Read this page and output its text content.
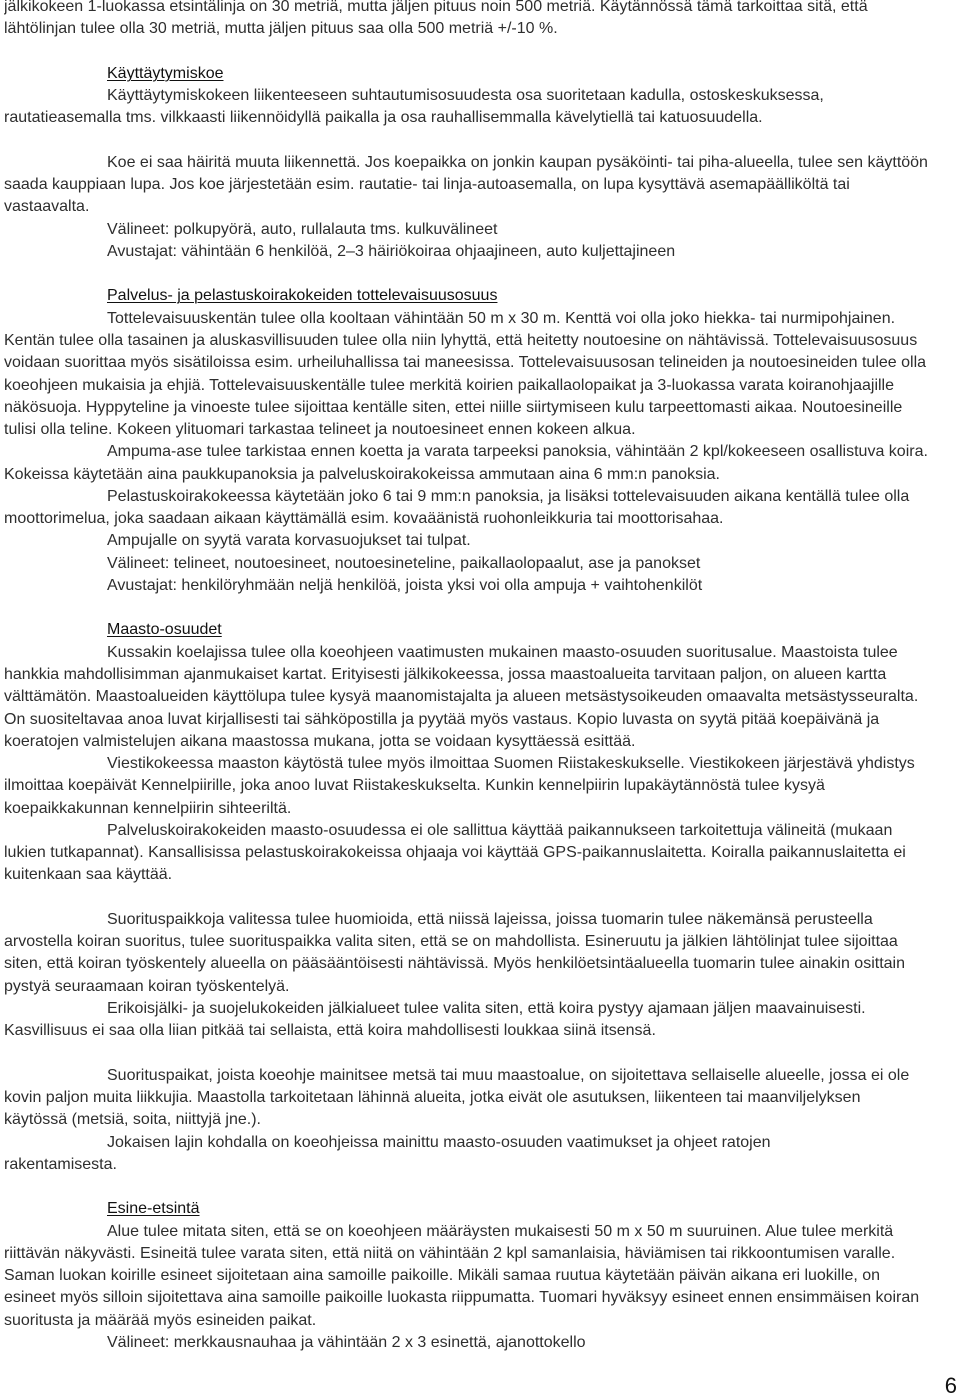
jälkikokeen 1-luokassa etsintälinja on 30 metriä, mutta jäljen pituus noin 500 metriä. Käytännössä tämä tarkoittaa sitä, että
lähtölinjan tulee olla 30 metriä, mutta jäljen pituus saa olla 500 metriä +/-10 %.
Käyttäytymiskoe
Käyttäytymiskokeen liikenteeseen suhtautumisosuudesta osa suoritetaan kadulla, ostoskeskuksessa,
rautatieasemalla tms. vilkkaasti liikennöidyllä paikalla ja osa rauhallisemmalla kävelytiellä tai katuosuudella.
Koe ei saa häiritä muuta liikennettä. Jos koepaikka on jonkin kaupan pysäköinti- tai piha-alueella, tulee sen käyttöön
saada kauppiaan lupa. Jos koe järjestetään esim. rautatie- tai linja-autoasemalla, on lupa kysyttävä asemapäälliköltä tai
vastaavalta.
Välineet: polkupyörä, auto, rullalauta tms. kulkuvälineet
Avustajat: vähintään 6 henkilöä, 2–3 häiriökoiraa ohjaajineen, auto kuljettajineen
Palvelus- ja pelastuskoirakokeiden tottelevaisuusosuus
Tottelevaisuuskentän tulee olla kooltaan vähintään 50 m x 30 m. Kenttä voi olla joko hiekka- tai nurmipohjainen.
Kentän tulee olla tasainen ja aluskasvillisuuden tulee olla niin lyhyttä, että heitetty noutoesine on nähtävissä. Tottelevaisuusosuus
voidaan suorittaa myös sisätiloissa esim. urheiluhallissa tai maneesissa. Tottelevaisuusosan telineiden ja noutoesineiden tulee olla
koeohjeen mukaisia ja ehjiä. Tottelevaisuuskentälle tulee merkitä koirien paikallaolopaikat ja 3-luokassa varata koiranohjaajille
näkösuoja. Hyppyteline ja vinoeste tulee sijoittaa kentälle siten, ettei niille siirtymiseen kulu tarpeettomasti aikaa. Noutoesineille
tulisi olla teline. Kokeen ylituomari tarkastaa telineet ja noutoesineet ennen kokeen alkua.
Ampuma-ase tulee tarkistaa ennen koetta ja varata tarpeeksi panoksia, vähintään 2 kpl/kokeeseen osallistuva koira.
Kokeissa käytetään aina paukkupanoksia ja palveluskoirakokeissa ammutaan aina 6 mm:n panoksia.
Pelastuskoirakokeessa käytetään joko 6 tai 9 mm:n panoksia, ja lisäksi tottelevaisuuden aikana kentällä tulee olla
moottorimelua, joka saadaan aikaan käyttämällä esim. kovaäänistä ruohonleikkuria tai moottorisahaa.
Ampujalle on syytä varata korvasuojukset tai tulpat.
Välineet: telineet, noutoesineet, noutoesineteline, paikallaolopaalut, ase ja panokset
Avustajat: henkilöryhmään neljä henkilöä, joista yksi voi olla ampuja + vaihtohenkilöt
Maasto-osuudet
Kussakin koelajissa tulee olla koeohjeen vaatimusten mukainen maasto-osuuden suoritusalue. Maastoista tulee
hankkia mahdollisimman ajanmukaiset kartat. Erityisesti jälkikokeessa, jossa maastoalueita tarvitaan paljon, on alueen kartta
välttämätön. Maastoalueiden käyttölupa tulee kysyä maanomistajalta ja alueen metsästysoikeuden omaavalta metsästysseuralta.
On suositeltavaa anoa luvat kirjallisesti tai sähköpostilla ja pyytää myös vastaus. Kopio luvasta on syytä pitää koepäivänä ja
koeratojen valmistelujen aikana maastossa mukana, jotta se voidaan kysyttäessä esittää.
Viestikokeessa maaston käytöstä tulee myös ilmoittaa Suomen Riistakeskukselle. Viestikokeen järjestävä yhdistys
ilmoittaa koepäivät Kennelpiirille, joka anoo luvat Riistakeskukselta. Kunkin kennelpiirin lupakäytännöstä tulee kysyä
koepaikkakunnan kennelpiirin sihteeriltä.
Palveluskoirakokeiden maasto-osuudessa ei ole sallittua käyttää paikannukseen tarkoitettuja välineitä (mukaan
lukien tutkapannat). Kansallisissa pelastuskoirakokeissa ohjaaja voi käyttää GPS-paikannuslaitetta. Koiralla paikannuslaitetta ei
kuitenkaan saa käyttää.
Suorituspaikkoja valitessa tulee huomioida, että niissä lajeissa, joissa tuomarin tulee näkemänsä perusteella
arvostella koiran suoritus, tulee suorituspaikka valita siten, että se on mahdollista. Esineruutu ja jälkien lähtölinjat tulee sijoittaa
siten, että koiran työskentely alueella on pääsääntöisesti nähtävissä. Myös henkilöetsintäalueella tuomarin tulee ainakin osittain
pystyä seuraamaan koiran työskentelyä.
Erikoisjälki- ja suojelukokeiden jälkialueet tulee valita siten, että koira pystyy ajamaan jäljen maavainuisesti.
Kasvillisuus ei saa olla liian pitkää tai sellaista, että koira mahdollisesti loukkaa siinä itsensä.
Suorituspaikat, joista koeohje mainitsee metsä tai muu maastoalue, on sijoitettava sellaiselle alueelle, jossa ei ole
kovin paljon muita liikkujia. Maastolla tarkoitetaan lähinnä alueita, jotka eivät ole asutuksen, liikenteen tai maanviljelyksen
käytössä (metsiä, soita, niittyjä jne.).
Jokaisen lajin kohdalla on koeohjeissa mainittu maasto-osuuden vaatimukset ja ohjeet ratojen
rakentamisesta.
Esine-etsintä
Alue tulee mitata siten, että se on koeohjeen määräysten mukaisesti 50 m x 50 m suuruinen. Alue tulee merkitä
riittävän näkyvästi. Esineitä tulee varata siten, että niitä on vähintään 2 kpl samanlaisia, häviämisen tai rikkoontumisen varalle.
Saman luokan koirille esineet sijoitetaan aina samoille paikoille. Mikäli samaa ruutua käytetään päivän aikana eri luokille, on
esineet myös silloin sijoitettava aina samoille paikoille luokasta riippumatta. Tuomari hyväksyy esineet ennen ensimmäisen koiran
suoritusta ja määrää myös esineiden paikat.
Välineet: merkkausnauhaa ja vähintään 2 x 3 esinettä, ajanottokello
6
